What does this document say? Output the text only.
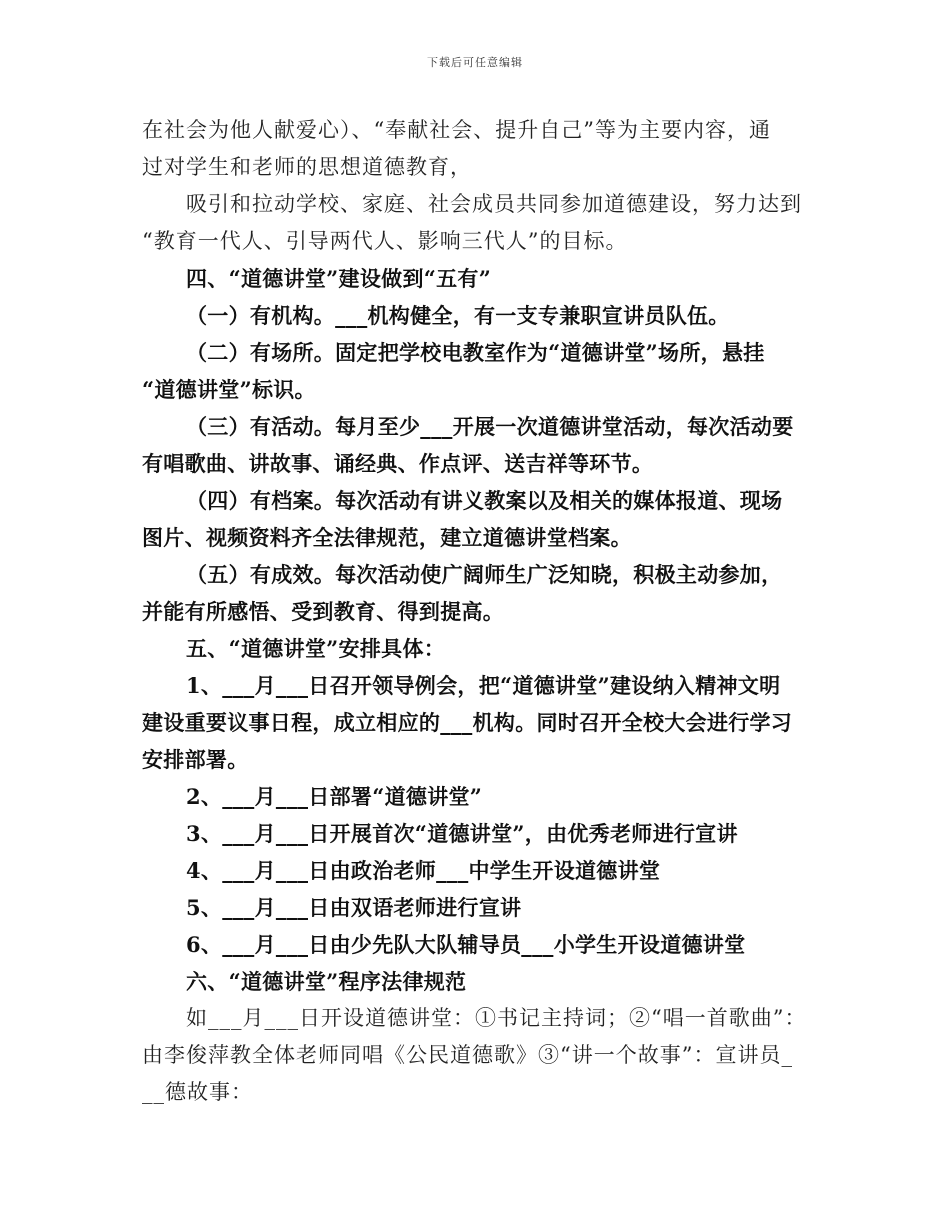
下载后可任意编辑
在社会为他人献爱心）、“奉献社会、提升自己”等为主要内容，通
过对学生和老师的思想道德教育，
吸引和拉动学校、家庭、社会成员共同参加道德建设，努力达到
“教育一代人、引导两代人、影响三代人”的目标。
四、“道德讲堂”建设做到“五有”
（一）有机构。___机构健全，有一支专兼职宣讲员队伍。
（二）有场所。固定把学校电教室作为“道德讲堂”场所，悬挂
“道德讲堂”标识。
（三）有活动。每月至少___开展一次道德讲堂活动，每次活动要
有唱歌曲、讲故事、诵经典、作点评、送吉祥等环节。
（四）有档案。每次活动有讲义教案以及相关的媒体报道、现场
图片、视频资料齐全法律规范，建立道德讲堂档案。
（五）有成效。每次活动使广阔师生广泛知晓，积极主动参加，
并能有所感悟、受到教育、得到提高。
五、“道德讲堂”安排具体：
1、___月___日召开领导例会，把“道德讲堂”建设纳入精神文明
建设重要议事日程，成立相应的___机构。同时召开全校大会进行学习
安排部署。
2、___月___日部署“道德讲堂”
3、___月___日开展首次“道德讲堂”，由优秀老师进行宣讲
4、___月___日由政治老师___中学生开设道德讲堂
5、___月___日由双语老师进行宣讲
6、___月___日由少先队大队辅导员___小学生开设道德讲堂
六、“道德讲堂”程序法律规范
如___月___日开设道德讲堂：①书记主持词；②“唱一首歌曲”：
由李俊萍教全体老师同唱《公民道德歌》③“讲一个故事”：宣讲员_
__德故事：
